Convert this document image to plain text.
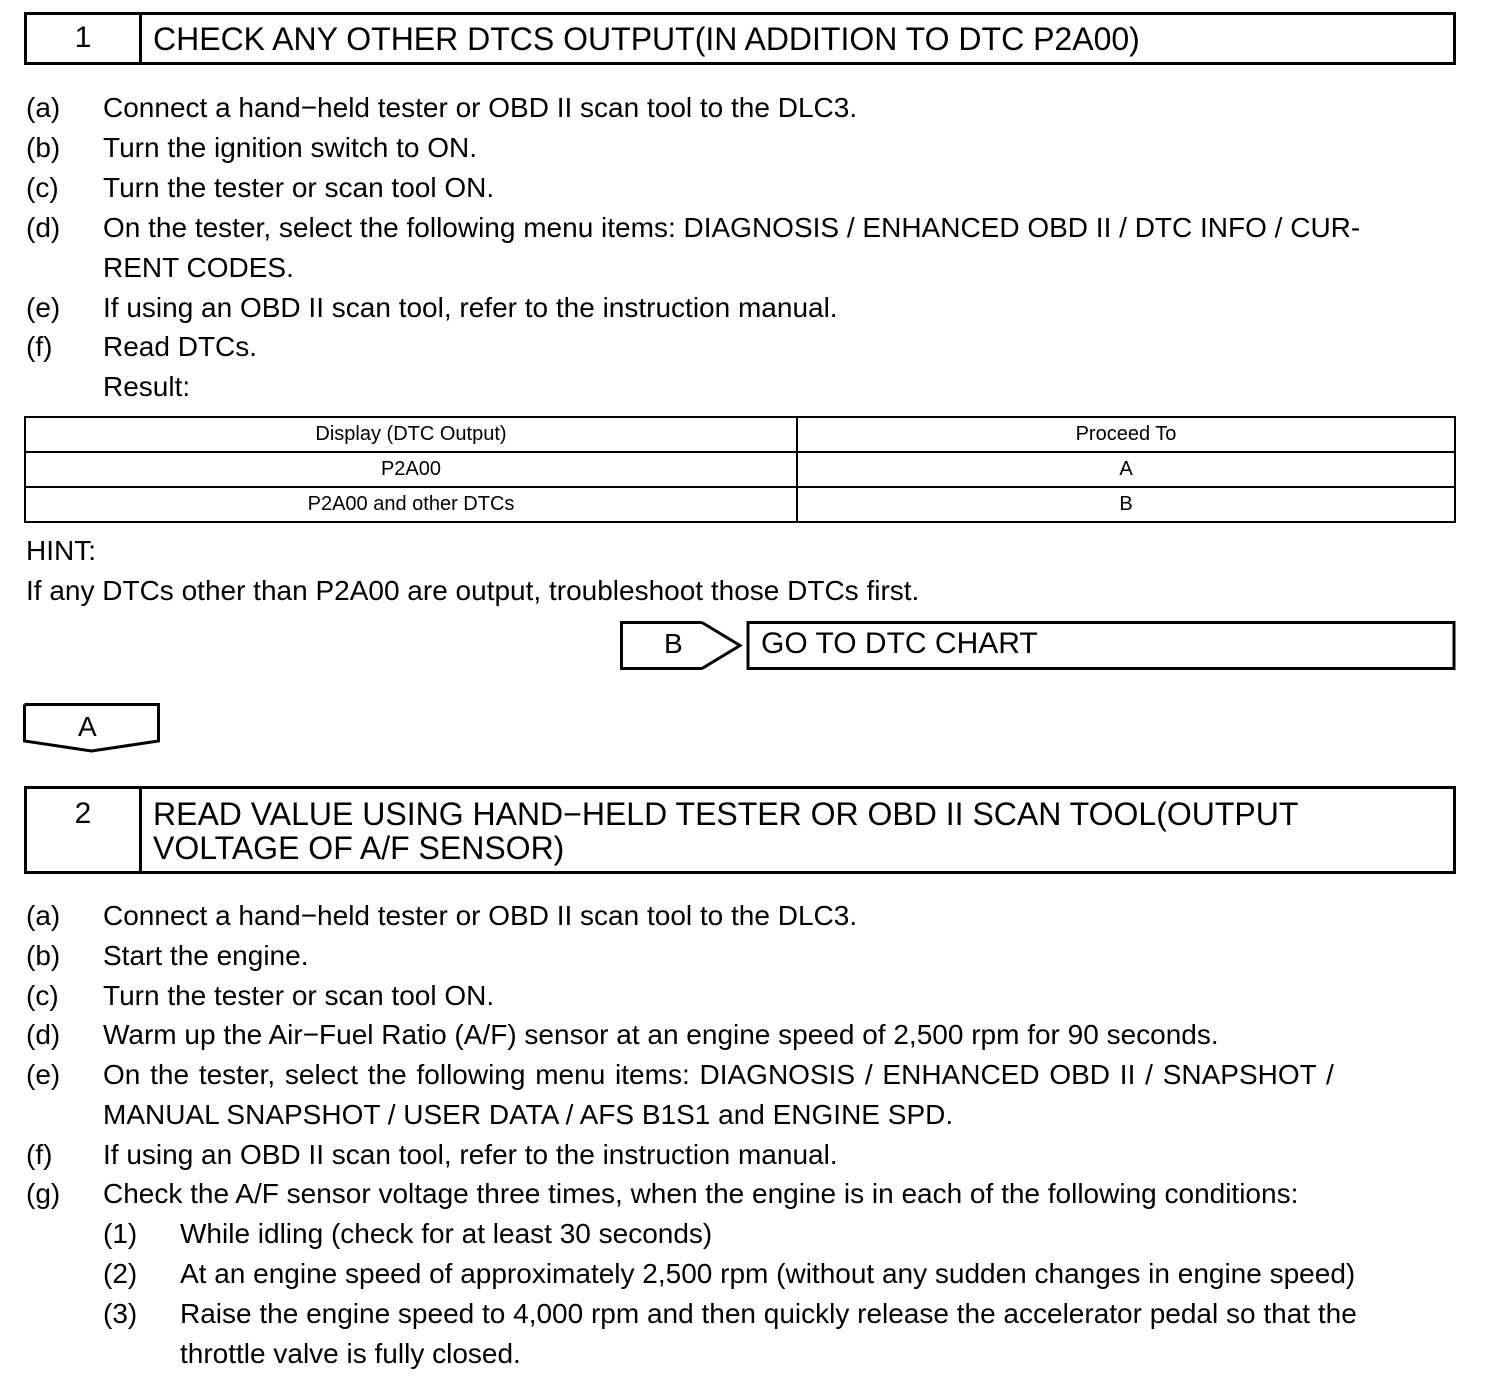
1	CHECK ANY OTHER DTCS OUTPUT(IN ADDITION TO DTC P2A00)
(a) Connect a hand−held tester or OBD II scan tool to the DLC3.
(b) Turn the ignition switch to ON.
(c) Turn the tester or scan tool ON.
(d) On the tester, select the following menu items: DIAGNOSIS / ENHANCED OBD II / DTC INFO / CUR-
RENT CODES.
(e) If using an OBD II scan tool, refer to the instruction manual.
(f) Read DTCs.
Result:
Display (DTC Output)	Proceed To
P2A00	A
P2A00 and other DTCs	B
HINT:
If any DTCs other than P2A00 are output, troubleshoot those DTCs first.
B	GO TO DTC CHART
A
2	READ VALUE USING HAND−HELD TESTER OR OBD II SCAN TOOL(OUTPUT
VOLTAGE OF A/F SENSOR)
(a) Connect a hand−held tester or OBD II scan tool to the DLC3.
(b) Start the engine.
(c) Turn the tester or scan tool ON.
(d) Warm up the Air−Fuel Ratio (A/F) sensor at an engine speed of 2,500 rpm for 90 seconds.
(e) On the tester, select the following menu items: DIAGNOSIS / ENHANCED OBD II / SNAPSHOT /
MANUAL SNAPSHOT / USER DATA / AFS B1S1 and ENGINE SPD.
(f) If using an OBD II scan tool, refer to the instruction manual.
(g) Check the A/F sensor voltage three times, when the engine is in each of the following conditions:
(1) While idling (check for at least 30 seconds)
(2) At an engine speed of approximately 2,500 rpm (without any sudden changes in engine speed)
(3) Raise the engine speed to 4,000 rpm and then quickly release the accelerator pedal so that the
throttle valve is fully closed.
